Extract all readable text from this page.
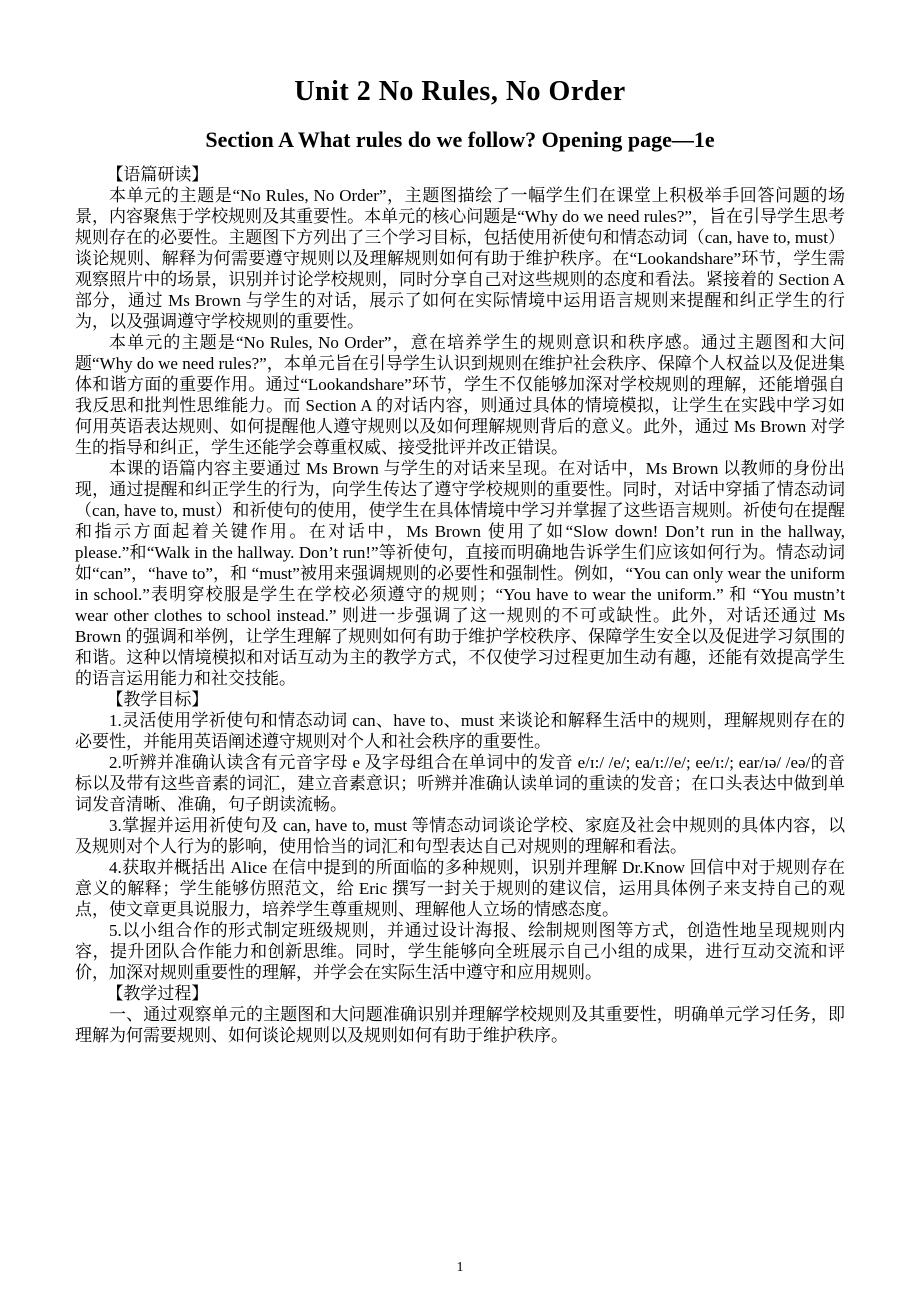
Unit 2 No Rules, No Order
Section A What rules do we follow? Opening page—1e

【语篇研读】

本单元的主题是“No Rules, No Order”，主题图描绘了一幅学生们在课堂上积极举手回答问题的场景，内容聚焦于学校规则及其重要性。本单元的核心问题是“Why do we need rules?”，旨在引导学生思考规则存在的必要性。主题图下方列出了三个学习目标，包括使用祈使句和情态动词（can, have to, must）谈论规则、解释为何需要遵守规则以及理解规则如何有助于维护秩序。在“Lookandshare”环节，学生需观察照片中的场景，识别并讨论学校规则，同时分享自己对这些规则的态度和看法。紧接着的 Section A 部分，通过 Ms Brown 与学生的对话，展示了如何在实际情境中运用语言规则来提醒和纠正学生的行为，以及强调遵守学校规则的重要性。

本单元的主题是“No Rules, No Order”，意在培养学生的规则意识和秩序感。通过主题图和大问题“Why do we need rules?”，本单元旨在引导学生认识到规则在维护社会秩序、保障个人权益以及促进集体和谐方面的重要作用。通过“Lookandshare”环节，学生不仅能够加深对学校规则的理解，还能增强自我反思和批判性思维能力。而 Section A 的对话内容，则通过具体的情境模拟，让学生在实践中学习如何用英语表达规则、如何提醒他人遵守规则以及如何理解规则背后的意义。此外，通过 Ms Brown 对学生的指导和纠正，学生还能学会尊重权威、接受批评并改正错误。

本课的语篇内容主要通过 Ms Brown 与学生的对话来呈现。在对话中，Ms Brown 以教师的身份出现，通过提醒和纠正学生的行为，向学生传达了遵守学校规则的重要性。同时，对话中穿插了情态动词（can, have to, must）和祈使句的使用，使学生在具体情境中学习并掌握了这些语言规则。祈使句在提醒和指示方面起着关键作用。在对话中，Ms Brown 使用了如“Slow down! Don’t run in the hallway, please.”和“Walk in the hallway. Don’t run!”等祈使句，直接而明确地告诉学生们应该如何行为。情态动词如“can”，“have to”，和 “must”被用来强调规则的必要性和强制性。例如，“You can only wear the uniform in school.”表明穿校服是学生在学校必须遵守的规则；“You have to wear the uniform.” 和 “You mustn’t wear other clothes to school instead.” 则进一步强调了这一规则的不可或缺性。此外，对话还通过 Ms Brown 的强调和举例，让学生理解了规则如何有助于维护学校秩序、保障学生安全以及促进学习氛围的和谐。这种以情境模拟和对话互动为主的教学方式，不仅使学习过程更加生动有趣，还能有效提高学生的语言运用能力和社交技能。

【教学目标】

1.灵活使用学祈使句和情态动词 can、have to、must 来谈论和解释生活中的规则，理解规则存在的必要性，并能用英语阐述遵守规则对个人和社会秩序的重要性。

2.听辨并准确认读含有元音字母 e 及字母组合在单词中的发音 e/ɪ:/ /e/; ea/ɪ://e/; ee/ɪ:/; ear/ɪə/ /eə/的音标以及带有这些音素的词汇，建立音素意识；听辨并准确认读单词的重读的发音；在口头表达中做到单词发音清晰、准确，句子朗读流畅。

3.掌握并运用祈使句及 can, have to, must 等情态动词谈论学校、家庭及社会中规则的具体内容，以及规则对个人行为的影响，使用恰当的词汇和句型表达自己对规则的理解和看法。

4.获取并概括出 Alice 在信中提到的所面临的多种规则，识别并理解 Dr.Know 回信中对于规则存在意义的解释；学生能够仿照范文，给 Eric 撰写一封关于规则的建议信，运用具体例子来支持自己的观点，使文章更具说服力，培养学生尊重规则、理解他人立场的情感态度。

5.以小组合作的形式制定班级规则，并通过设计海报、绘制规则图等方式，创造性地呈现规则内容，提升团队合作能力和创新思维。同时，学生能够向全班展示自己小组的成果，进行互动交流和评价，加深对规则重要性的理解，并学会在实际生活中遵守和应用规则。

【教学过程】

一、通过观察单元的主题图和大问题准确识别并理解学校规则及其重要性，明确单元学习任务，即理解为何需要规则、如何谈论规则以及规则如何有助于维护秩序。

1
